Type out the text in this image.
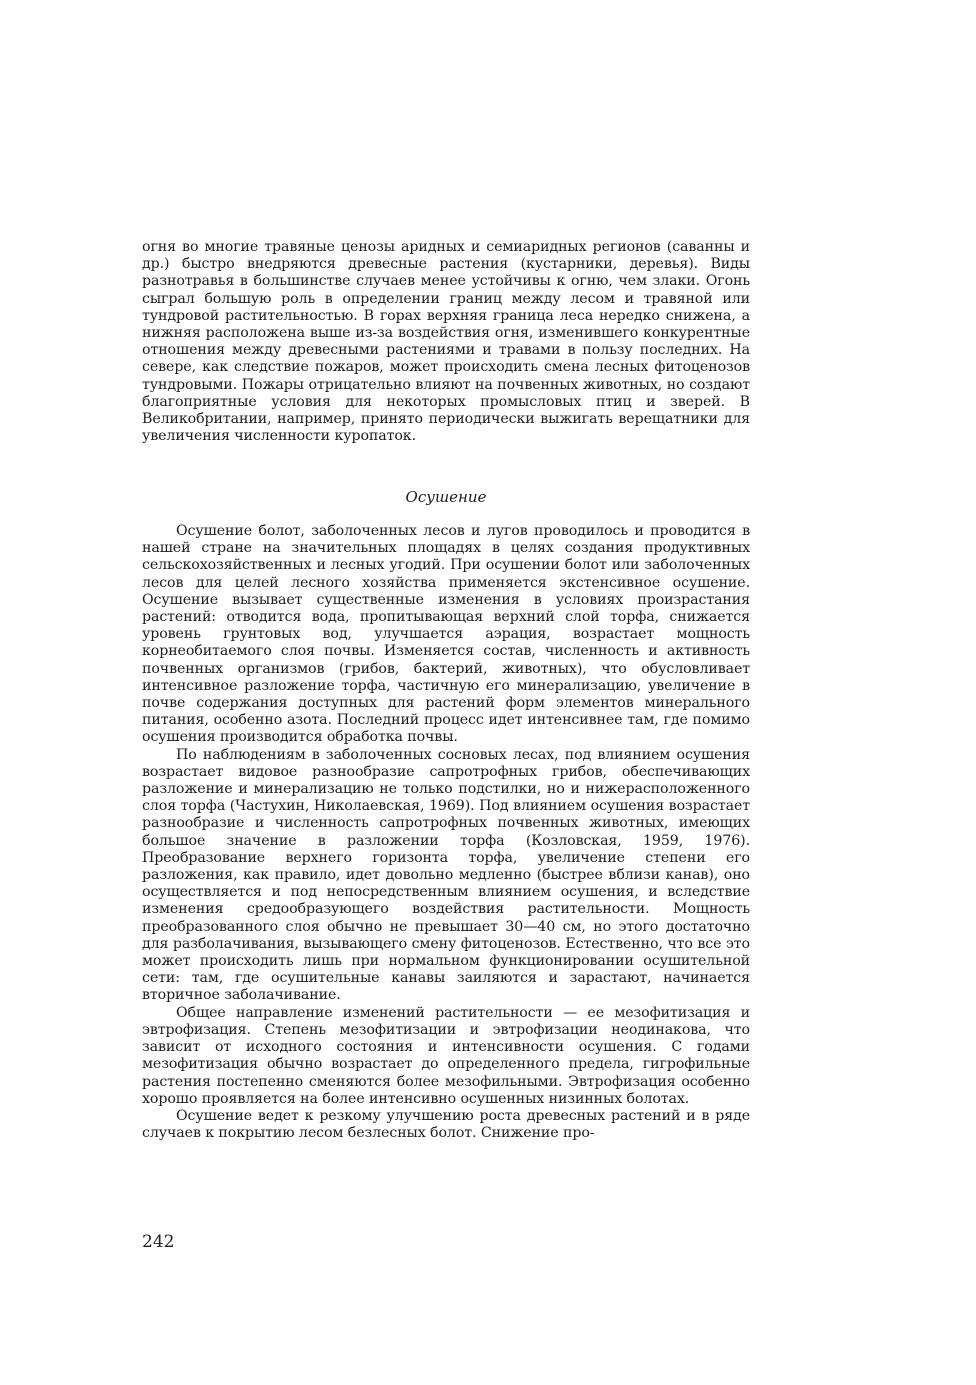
огня во многие травяные ценозы аридных и семиаридных регионов (саванны и др.) быстро внедряются древесные растения (кустарники, деревья). Виды разнотравья в большинстве случаев менее устойчивы к огню, чем злаки. Огонь сыграл большую роль в определении границ между лесом и травяной или тундровой растительностью. В горах верхняя граница леса нередко снижена, а нижняя расположена выше из-за воздействия огня, изменившего конкурентные отношения между древесными растениями и травами в пользу последних. На севере, как следствие пожаров, может происходить смена лесных фитоценозов тундровыми. Пожары отрицательно влияют на почвенных животных, но создают благоприятные условия для некоторых промысловых птиц и зверей. В Великобритании, например, принято периодически выжигать верещатники для увеличения численности куропаток.

Осушение

Осушение болот, заболоченных лесов и лугов проводилось и проводится в нашей стране на значительных площадях в целях создания продуктивных сельскохозяйственных и лесных угодий. При осушении болот или заболоченных лесов для целей лесного хозяйства применяется экстенсивное осушение. Осушение вызывает существенные изменения в условиях произрастания растений: отводится вода, пропитывающая верхний слой торфа, снижается уровень грунтовых вод, улучшается аэрация, возрастает мощность корнеобитаемого слоя почвы. Изменяется состав, численность и активность почвенных организмов (грибов, бактерий, животных), что обусловливает интенсивное разложение торфа, частичную его минерализацию, увеличение в почве содержания доступных для растений форм элементов минерального питания, особенно азота. Последний процесс идет интенсивнее там, где помимо осушения производится обработка почвы.

По наблюдениям в заболоченных сосновых лесах, под влиянием осушения возрастает видовое разнообразие сапротрофных грибов, обеспечивающих разложение и минерализацию не только подстилки, но и нижерасположенного слоя торфа (Частухин, Николаевская, 1969). Под влиянием осушения возрастает разнообразие и численность сапротрофных почвенных животных, имеющих большое значение в разложении торфа (Козловская, 1959, 1976). Преобразование верхнего горизонта торфа, увеличение степени его разложения, как правило, идет довольно медленно (быстрее вблизи канав), оно осуществляется и под непосредственным влиянием осушения, и вследствие изменения средообразующего воздействия растительности. Мощность преобразованного слоя обычно не превышает 30—40 см, но этого достаточно для разболачивания, вызывающего смену фитоценозов. Естественно, что все это может происходить лишь при нормальном функционировании осушительной сети: там, где осушительные канавы заиляются и зарастают, начинается вторичное заболачивание.

Общее направление изменений растительности — ее мезофитизация и эвтрофизация. Степень мезофитизации и эвтрофизации неодинакова, что зависит от исходного состояния и интенсивности осушения. С годами мезофитизация обычно возрастает до определенного предела, гигрофильные растения постепенно сменяются более мезофильными. Эвтрофизация особенно хорошо проявляется на более интенсивно осушенных низинных болотах.

Осушение ведет к резкому улучшению роста древесных растений и в ряде случаев к покрытию лесом безлесных болот. Снижение про-

242
